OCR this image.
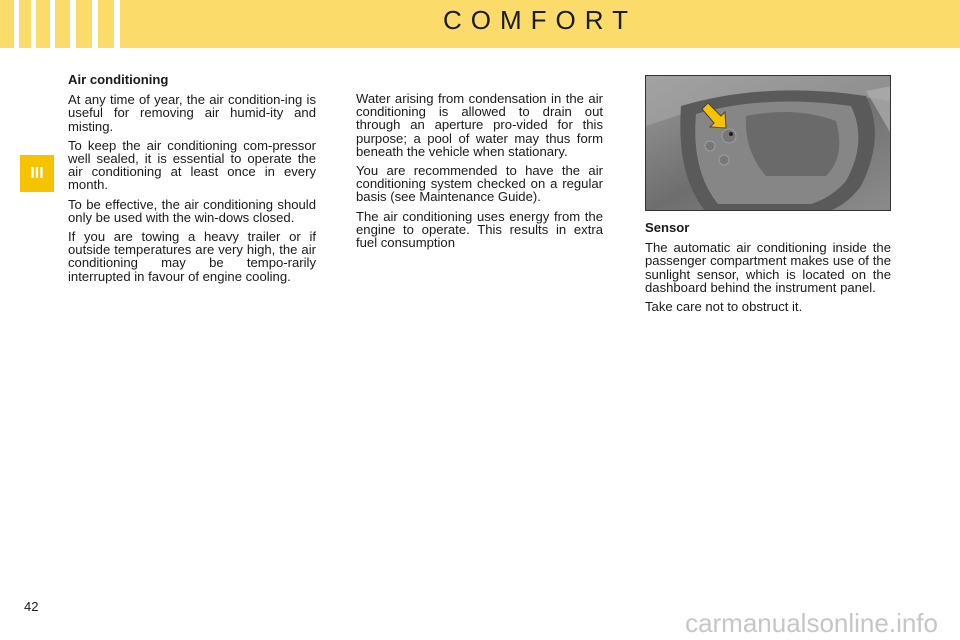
COMFORT
III
Air conditioning

At any time of year, the air condition-ing is useful for removing air humid-ity and misting.

To keep the air conditioning com-pressor well sealed, it is essential to operate the air conditioning at least once in every month.

To be effective, the air conditioning should only be used with the win-dows closed.

If you are towing a heavy trailer or if outside temperatures are very high, the air conditioning may be tempo-rarily interrupted in favour of engine cooling.

Water arising from condensation in the air conditioning is allowed to drain out through an aperture pro-vided for this purpose; a pool of water may thus form beneath the vehicle when stationary.

You are recommended to have the air conditioning system checked on a regular basis (see Maintenance Guide).

The air conditioning uses energy from the engine to operate. This results in extra fuel consumption

Sensor

The automatic air conditioning inside the passenger compartment makes use of the sunlight sensor, which is located on the dashboard behind the instrument panel.

Take care not to obstruct it.

42
carmanualsonline.info
